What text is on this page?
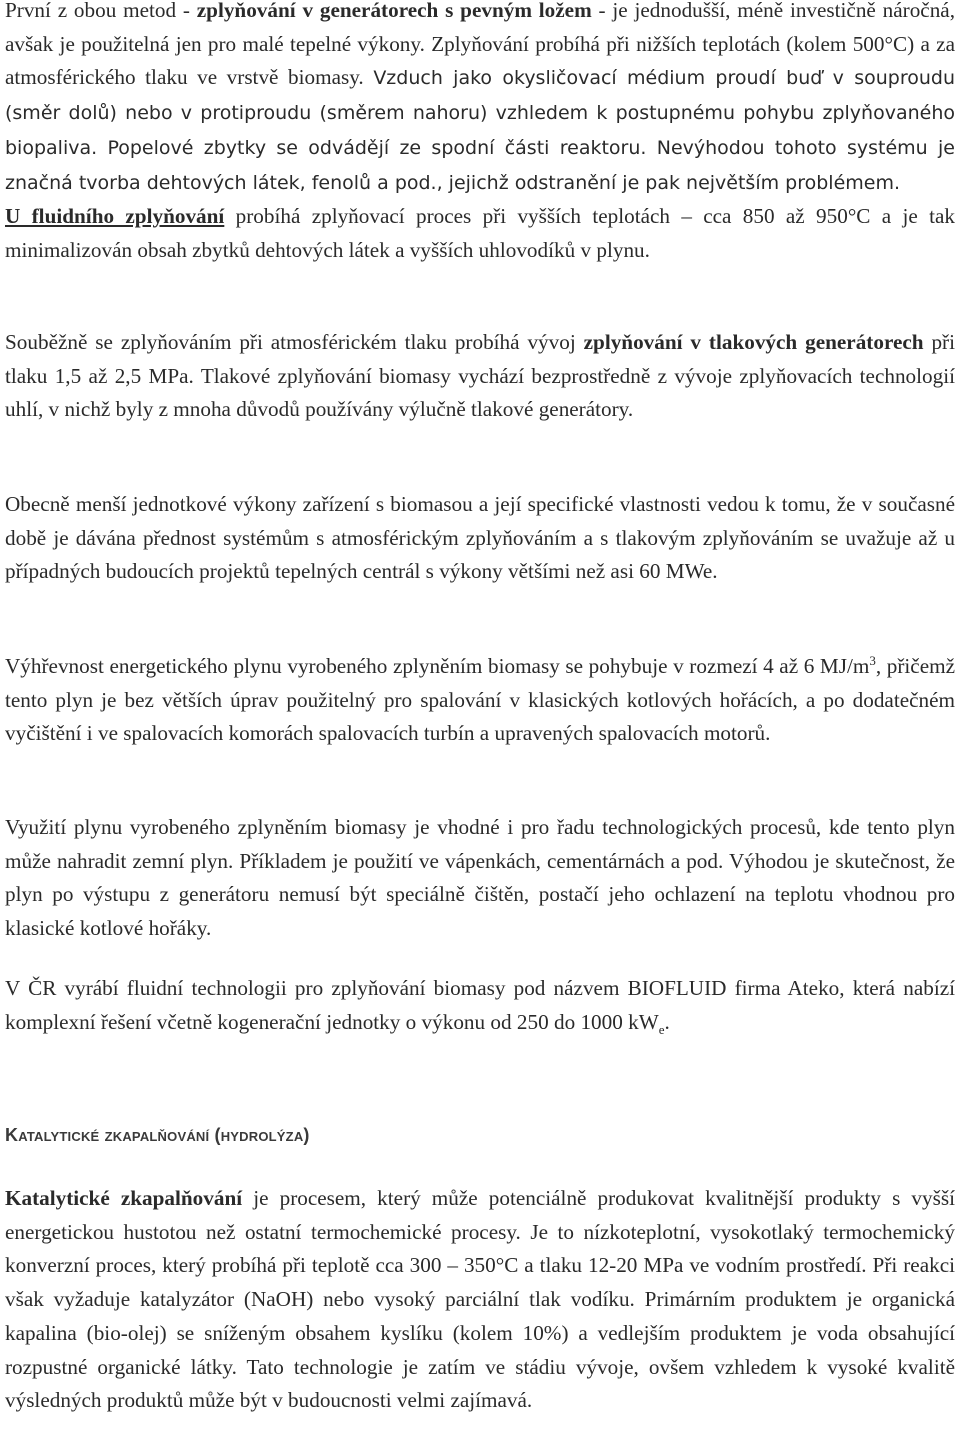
První z obou metod - zplyňování v generátorech s pevným ložem - je jednodušší, méně investičně náročná, avšak je použitelná jen pro malé tepelné výkony. Zplyňování probíhá při nižších teplotách (kolem 500°C) a za atmosférického tlaku ve vrstvě biomasy. Vzduch jako okysličovací médium proudí buď v souproudu (směr dolů) nebo v protiproudu (směrem nahoru) vzhledem k postupnému pohybu zplyňovaného biopaliva. Popelové zbytky se odvádějí ze spodní části reaktoru. Nevýhodou tohoto systému je značná tvorba dehtových látek, fenolů a pod., jejichž odstranění je pak největším problémem.
U fluidního zplyňování probíhá zplyňovací proces při vyšších teplotách – cca 850 až 950°C a je tak minimalizován obsah zbytků dehtových látek a vyšších uhlovodíků v plynu.

Souběžně se zplyňováním při atmosférickém tlaku probíhá vývoj zplyňování v tlakových generátorech při tlaku 1,5 až 2,5 MPa. Tlakové zplyňování biomasy vychází bezprostředně z vývoje zplyňovacích technologií uhlí, v nichž byly z mnoha důvodů používány výlučně tlakové generátory.

Obecně menší jednotkové výkony zařízení s biomasou a její specifické vlastnosti vedou k tomu, že v současné době je dávána přednost systémům s atmosférickým zplyňováním a s tlakovým zplyňováním se uvažuje až u případných budoucích projektů tepelných centrál s výkony většími než asi 60 MWe.

Výhřevnost energetického plynu vyrobeného zplyněním biomasy se pohybuje v rozmezí 4 až 6 $MJ/m^3$, přičemž tento plyn je bez větších úprav použitelný pro spalování v klasických kotlových hořácích, a po dodatečném vyčištění i ve spalovacích komorách spalovacích turbín a upravených spalovacích motorů.

Využití plynu vyrobeného zplyněním biomasy je vhodné i pro řadu technologických procesů, kde tento plyn může nahradit zemní plyn. Příkladem je použití ve vápenkách, cementárnách a pod. Výhodou je skutečnost, že plyn po výstupu z generátoru nemusí být speciálně čištěn, postačí jeho ochlazení na teplotu vhodnou pro klasické kotlové hořáky.

V ČR vyrábí fluidní technologii pro zplyňování biomasy pod názvem BIOFLUID firma Ateko, která nabízí komplexní řešení včetně kogenerační jednotky o výkonu od 250 do 1000 $kW_e$.

Katalytické zkapalňování (hydrolýza)

Katalytické zkapalňování je procesem, který může potenciálně produkovat kvalitnější produkty s vyšší energetickou hustotou než ostatní termochemické procesy. Je to nízkoteplotní, vysokotlaký termochemický konverzní proces, který probíhá při teplotě cca 300 – 350°C a tlaku 12-20 MPa ve vodním prostředí. Při reakci však vyžaduje katalyzátor (NaOH) nebo vysoký parciální tlak vodíku. Primárním produktem je organická kapalina (bio-olej) se sníženým obsahem kyslíku (kolem 10%) a vedlejším produktem je voda obsahující rozpustné organické látky. Tato technologie je zatím ve stádiu vývoje, ovšem vzhledem k vysoké kvalitě výsledných produktů může být v budoucnosti velmi zajímavá.
